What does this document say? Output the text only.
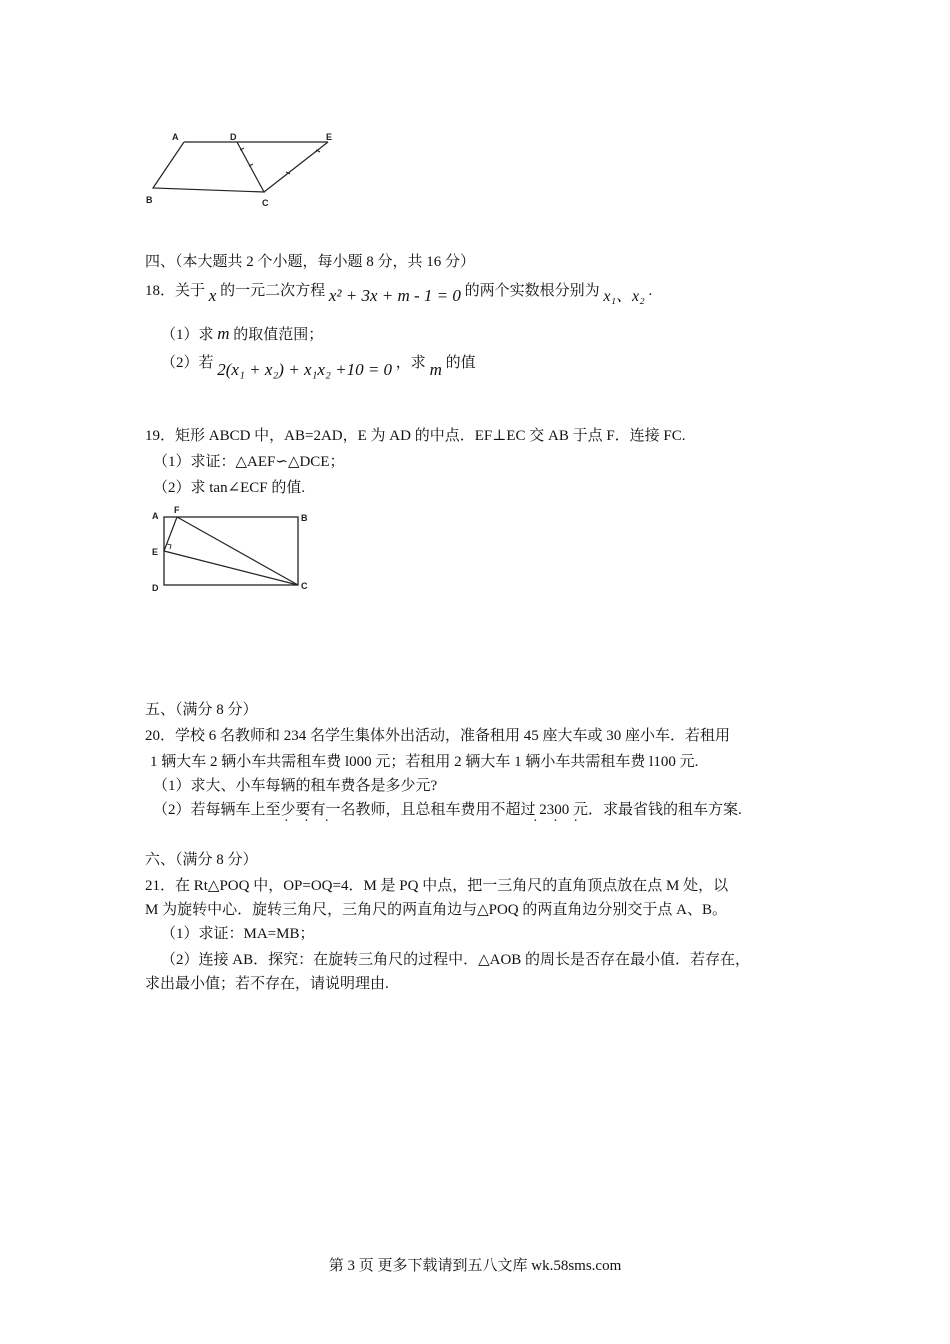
A
B	C
D	E
四、（本大题共 2 个小题，每小题 8 分，共 16 分）
18．关于 x 的一元二次方程 x² + 3x + m - 1 = 0 的两个实数根分别为 x₁、x₂ .
（1）求 m 的取值范围；
（2）若 2(x₁ + x₂) + x₁x₂ +10 = 0 ，求 m 的值
19．矩形 ABCD 中，AB=2AD，E 为 AD 的中点．EF⊥EC 交 AB 于点 F．连接 FC.
（1）求证：△AEF∽△DCE；
（2）求 tan∠ECF 的值.
A
F
B
E
D	C
五、（满分 8 分）
20．学校 6 名教师和 234 名学生集体外出活动，准备租用 45 座大车或 30 座小车．若租用
1 辆大车 2 辆小车共需租车费 l000 元；若租用 2 辆大车 1 辆小车共需租车费 l100 元.
（1）求大、小车每辆的租车费各是多少元?
（2）若每辆车上至少要有一名教师，且总租车费用不超过 2300 元．求最省钱的租车方案.
· · ·	· · ·
六、（满分 8 分）
21．在 Rt△POQ 中，OP=OQ=4．M 是 PQ 中点，把一三角尺的直角顶点放在点 M 处，以
M 为旋转中心．旋转三角尺，三角尺的两直角边与△POQ 的两直角边分别交于点 A、B。
（1）求证：MA=MB；
（2）连接 AB．探究：在旋转三角尺的过程中．△AOB 的周长是否存在最小值．若存在，
求出最小值；若不存在，请说明理由.
第 3 页 更多下载请到五八文库 wk.58sms.com
